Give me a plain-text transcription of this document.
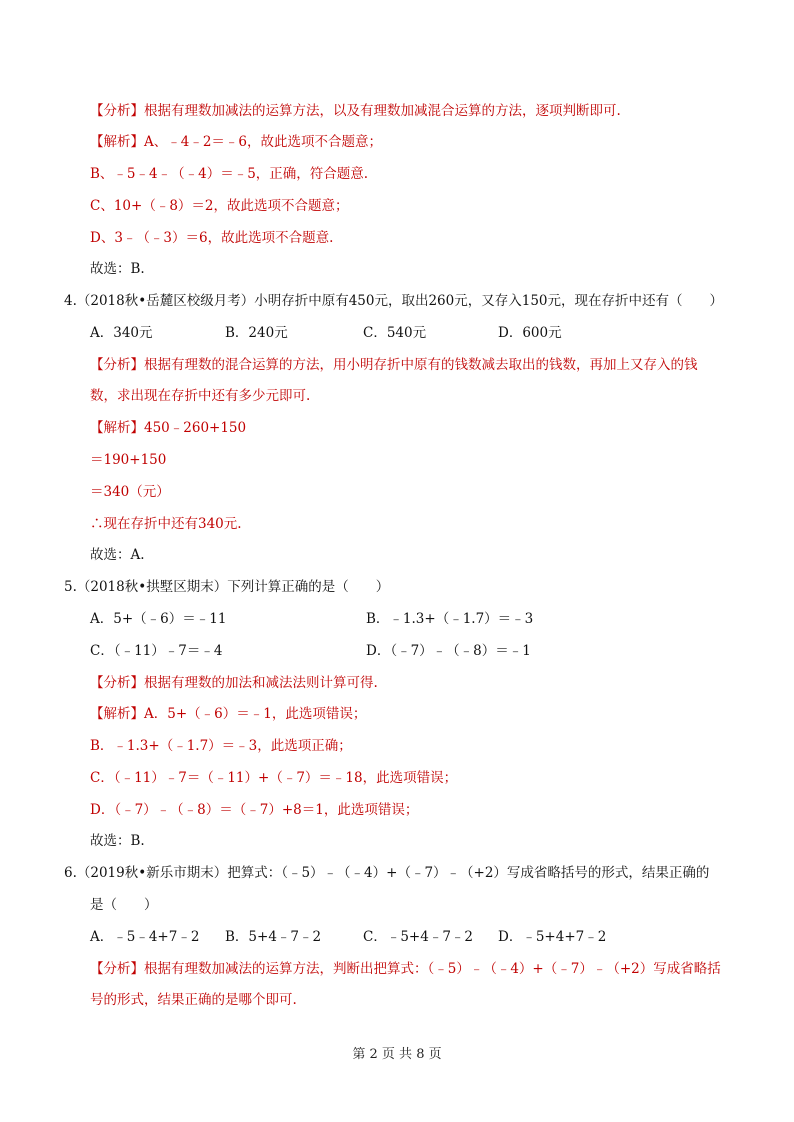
【分析】根据有理数加减法的运算方法，以及有理数加减混合运算的方法，逐项判断即可.
【解析】A、﹣4﹣2＝﹣6，故此选项不合题意；
B、﹣5﹣4﹣（﹣4）＝﹣5，正确，符合题意.
C、10+（﹣8）＝2，故此选项不合题意；
D、3﹣（﹣3）＝6，故此选项不合题意.
故选：B.
4.（2018秋•岳麓区校级月考）小明存折中原有450元，取出260元，又存入150元，现在存折中还有（　　）
A．340元	B．240元	C．540元	D．600元
【分析】根据有理数的混合运算的方法，用小明存折中原有的钱数减去取出的钱数，再加上又存入的钱
数，求出现在存折中还有多少元即可.
【解析】450﹣260+150
＝190+150
＝340（元）
∴现在存折中还有340元.
故选：A.
5.（2018秋•拱墅区期末）下列计算正确的是（　　）
A．5+（﹣6）＝﹣11	B．﹣1.3+（﹣1.7）＝﹣3
C．（﹣11）﹣7＝﹣4	D．（﹣7）﹣（﹣8）＝﹣1
【分析】根据有理数的加法和减法法则计算可得.
【解析】A．5+（﹣6）＝﹣1，此选项错误；
B．﹣1.3+（﹣1.7）＝﹣3，此选项正确；
C．（﹣11）﹣7＝（﹣11）+（﹣7）＝﹣18，此选项错误；
D．（﹣7）﹣（﹣8）＝（﹣7）+8＝1，此选项错误；
故选：B.
6.（2019秋•新乐市期末）把算式：（﹣5）﹣（﹣4）+（﹣7）﹣（+2）写成省略括号的形式，结果正确的
是（　　）
A．﹣5﹣4+7﹣2 B．5+4﹣7﹣2	C．﹣5+4﹣7﹣2 D．﹣5+4+7﹣2
【分析】根据有理数加减法的运算方法，判断出把算式：（﹣5）﹣（﹣4）+（﹣7）﹣（+2）写成省略括
号的形式，结果正确的是哪个即可.
第 2 页 共 8 页
